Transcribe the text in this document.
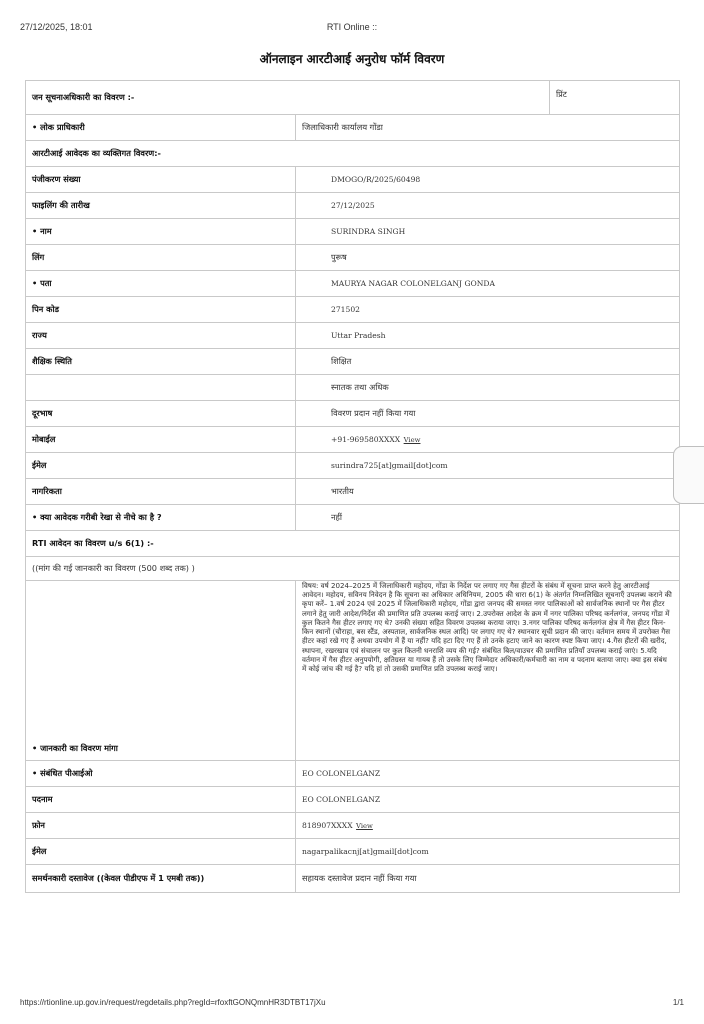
27/12/2025, 18:01	RTI Online ::
ऑनलाइन आरटीआई अनुरोध फॉर्म विवरण
जन सूचनाअधिकारी का विवरण :-		प्रिंट
• लोक प्राधिकारी	जिलाधिकारी कार्यालय गोंडा	
आरटीआई आवेदक का व्यक्तिगत विवरण:-		
पंजीकरण संख्या	DMOGO/R/2025/60498	
फाइलिंग की तारीख	27/12/2025	
• नाम	SURINDRA SINGH	
लिंग	पुरूष	
• पता	MAURYA NAGAR COLONELGANJ GONDA	
पिन कोड	271502	
राज्य	Uttar Pradesh	
शैक्षिक स्थिति	शिक्षित	
	स्नातक तथा अधिक	
दूरभाष	विवरण प्रदान नहीं किया गया	
मोबाईल	+91-969580XXXX View	
ईमेल	surindra725[at]gmail[dot]com	
नागरिकता	भारतीय	
• क्या आवेदक गरीबी रेखा से नीचे का है ?	नहीं	
RTI आवेदन का विवरण u/s 6(1) :-		
((मांग की गई जानकारी का विवरण (500 शब्द तक) )		
• जानकारी का विवरण मांगा	विषय: वर्ष 2024–2025 में जिलाधिकारी महोदय, गोंडा के निर्देश पर लगाए गए गैस हीटरों के संबंध में सूचना प्राप्त करने हेतु आरटीआई आवेदन। महोदय, सविनय निवेदन है कि सूचना का अधिकार अधिनियम, 2005 की धारा 6(1) के अंतर्गत निम्नलिखित सूचनाएँ उपलब्ध कराने की कृपा करें– 1.वर्ष 2024 एवं 2025 में जिलाधिकारी महोदय, गोंडा द्वारा जनपद की समस्त नगर पालिकाओं को सार्वजनिक स्थानों पर गैस हीटर लगाने हेतु जारी आदेश/निर्देश की प्रमाणित प्रति उपलब्ध कराई जाए। 2.उपरोक्त आदेश के क्रम में नगर पालिका परिषद कर्नलगंज, जनपद गोंडा में कुल कितने गैस हीटर लगाए गए थे? उनकी संख्या सहित विवरण उपलब्ध कराया जाए। 3.नगर पालिका परिषद कर्नलगंज क्षेत्र में गैस हीटर किन-किन स्थानों (चौराहा, बस स्टैंड, अस्पताल, सार्वजनिक स्थल आदि) पर लगाए गए थे? स्थानवार सूची प्रदान की जाए। वर्तमान समय में उपरोक्त गैस हीटर कहां रखे गए हैं अथवा उपयोग में हैं या नहीं? यदि हटा दिए गए हैं तो उनके हटाए जाने का कारण स्पष्ट किया जाए। 4.गैस हीटरों की खरीद, स्थापना, रखरखाव एवं संचालन पर कुल कितनी धनराशि व्यय की गई? संबंधित बिल/वाउचर की प्रमाणित प्रतियाँ उपलब्ध कराई जाएं। 5.यदि वर्तमान में गैस हीटर अनुपयोगी, क्षतिग्रस्त या गायब हैं तो उसके लिए जिम्मेदार अधिकारी/कर्मचारी का नाम व पदनाम बताया जाए। क्या इस संबंध में कोई जांच की गई है? यदि हां तो उसकी प्रमाणित प्रति उपलब्ध कराई जाए।	
• संबंधित पीआईओ	EO COLONELGANZ	
पदनाम	EO COLONELGANZ	
फ़ोन	818907XXXX View	
ईमेल	nagarpalikacnj[at]gmail[dot]com	
समर्थनकारी दस्तावेज ((केवल पीडीएफ में 1 एमबी तक))	सहायक दस्तावेज प्रदान नहीं किया गया	
https://rtionline.up.gov.in/request/regdetails.php?regId=rfoxftGONQmnHR3DTBT17jXu	1/1
